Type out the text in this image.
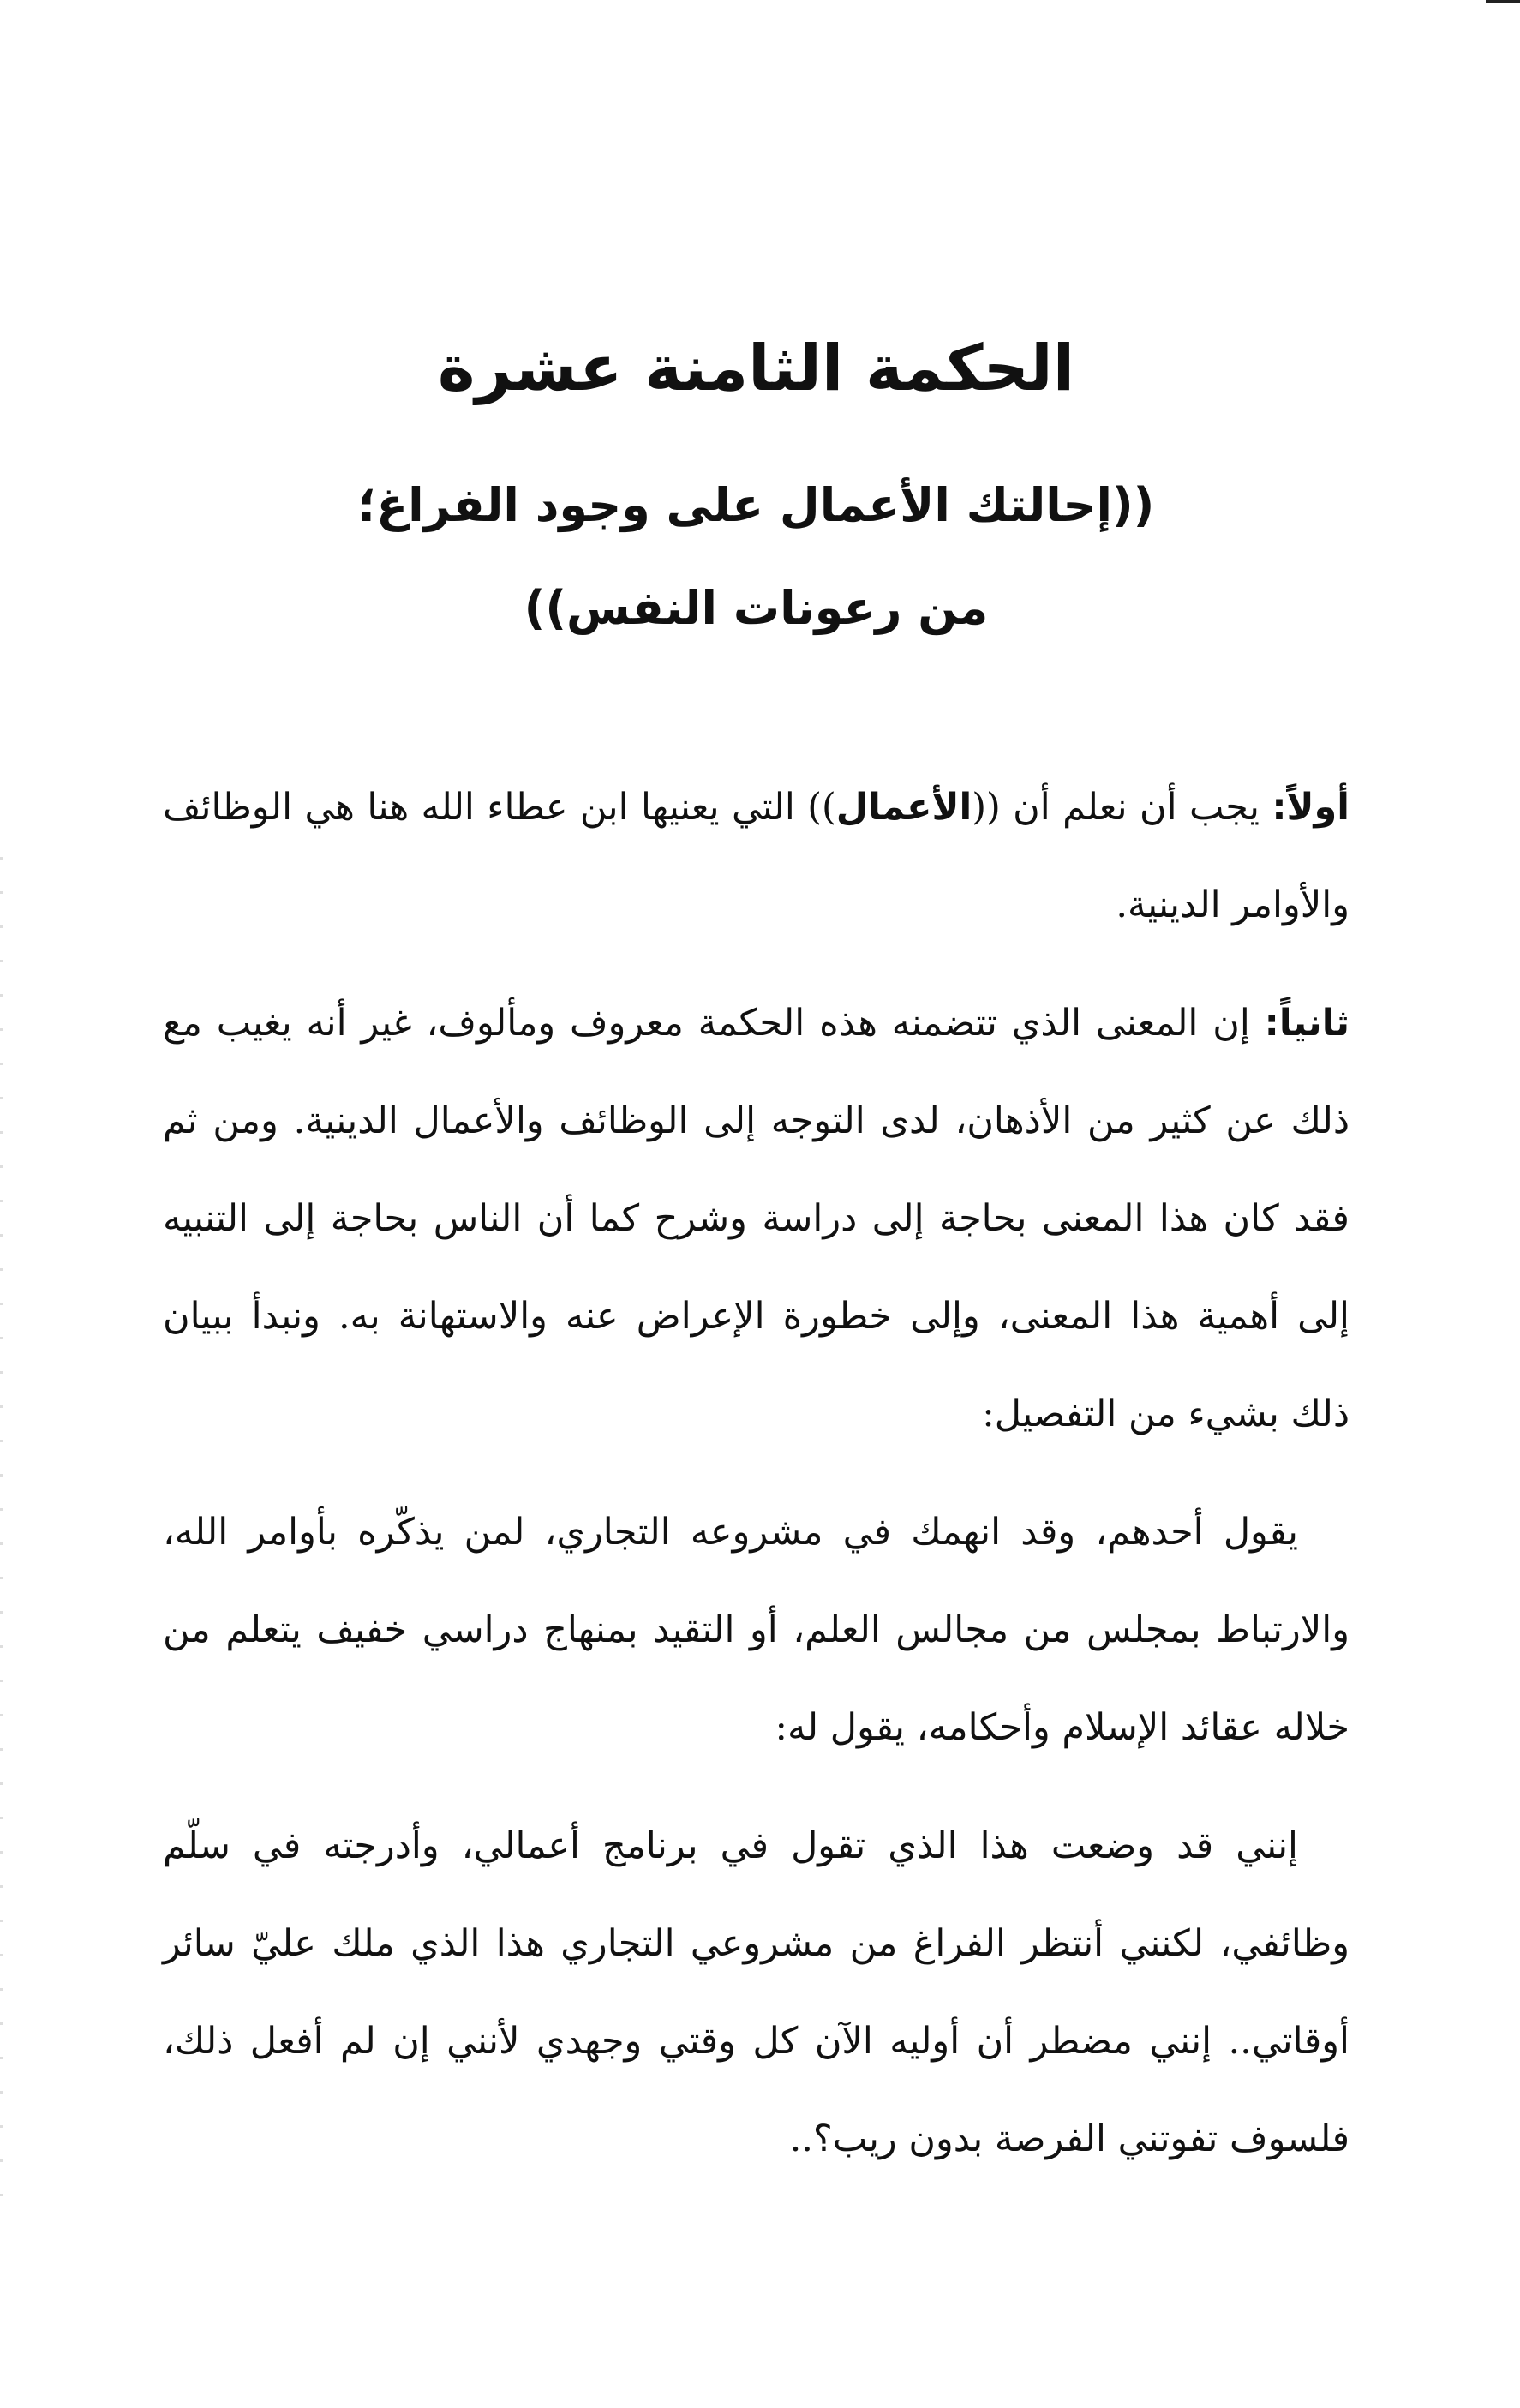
الحكمة الثامنة عشرة
((إحالتك الأعمال على وجود الفراغ؛
من رعونات النفس))

أولاً: يجب أن نعلم أن ((الأعمال)) التي يعنيها ابن عطاء الله هنا هي الوظائف والأوامر الدينية.

ثانياً: إن المعنى الذي تتضمنه هذه الحكمة معروف ومألوف، غير أنه يغيب مع ذلك عن كثير من الأذهان، لدى التوجه إلى الوظائف والأعمال الدينية. ومن ثم فقد كان هذا المعنى بحاجة إلى دراسة وشرح كما أن الناس بحاجة إلى التنبيه إلى أهمية هذا المعنى، وإلى خطورة الإعراض عنه والاستهانة به. ونبدأ ببيان ذلك بشيء من التفصيل:

يقول أحدهم، وقد انهمك في مشروعه التجاري، لمن يذكّره بأوامر الله، والارتباط بمجلس من مجالس العلم، أو التقيد بمنهاج دراسي خفيف يتعلم من خلاله عقائد الإسلام وأحكامه، يقول له:

إنني قد وضعت هذا الذي تقول في برنامج أعمالي، وأدرجته في سلّم وظائفي، لكنني أنتظر الفراغ من مشروعي التجاري هذا الذي ملك عليّ سائر أوقاتي.. إنني مضطر أن أوليه الآن كل وقتي وجهدي لأنني إن لم أفعل ذلك، فلسوف تفوتني الفرصة بدون ريب؟..
